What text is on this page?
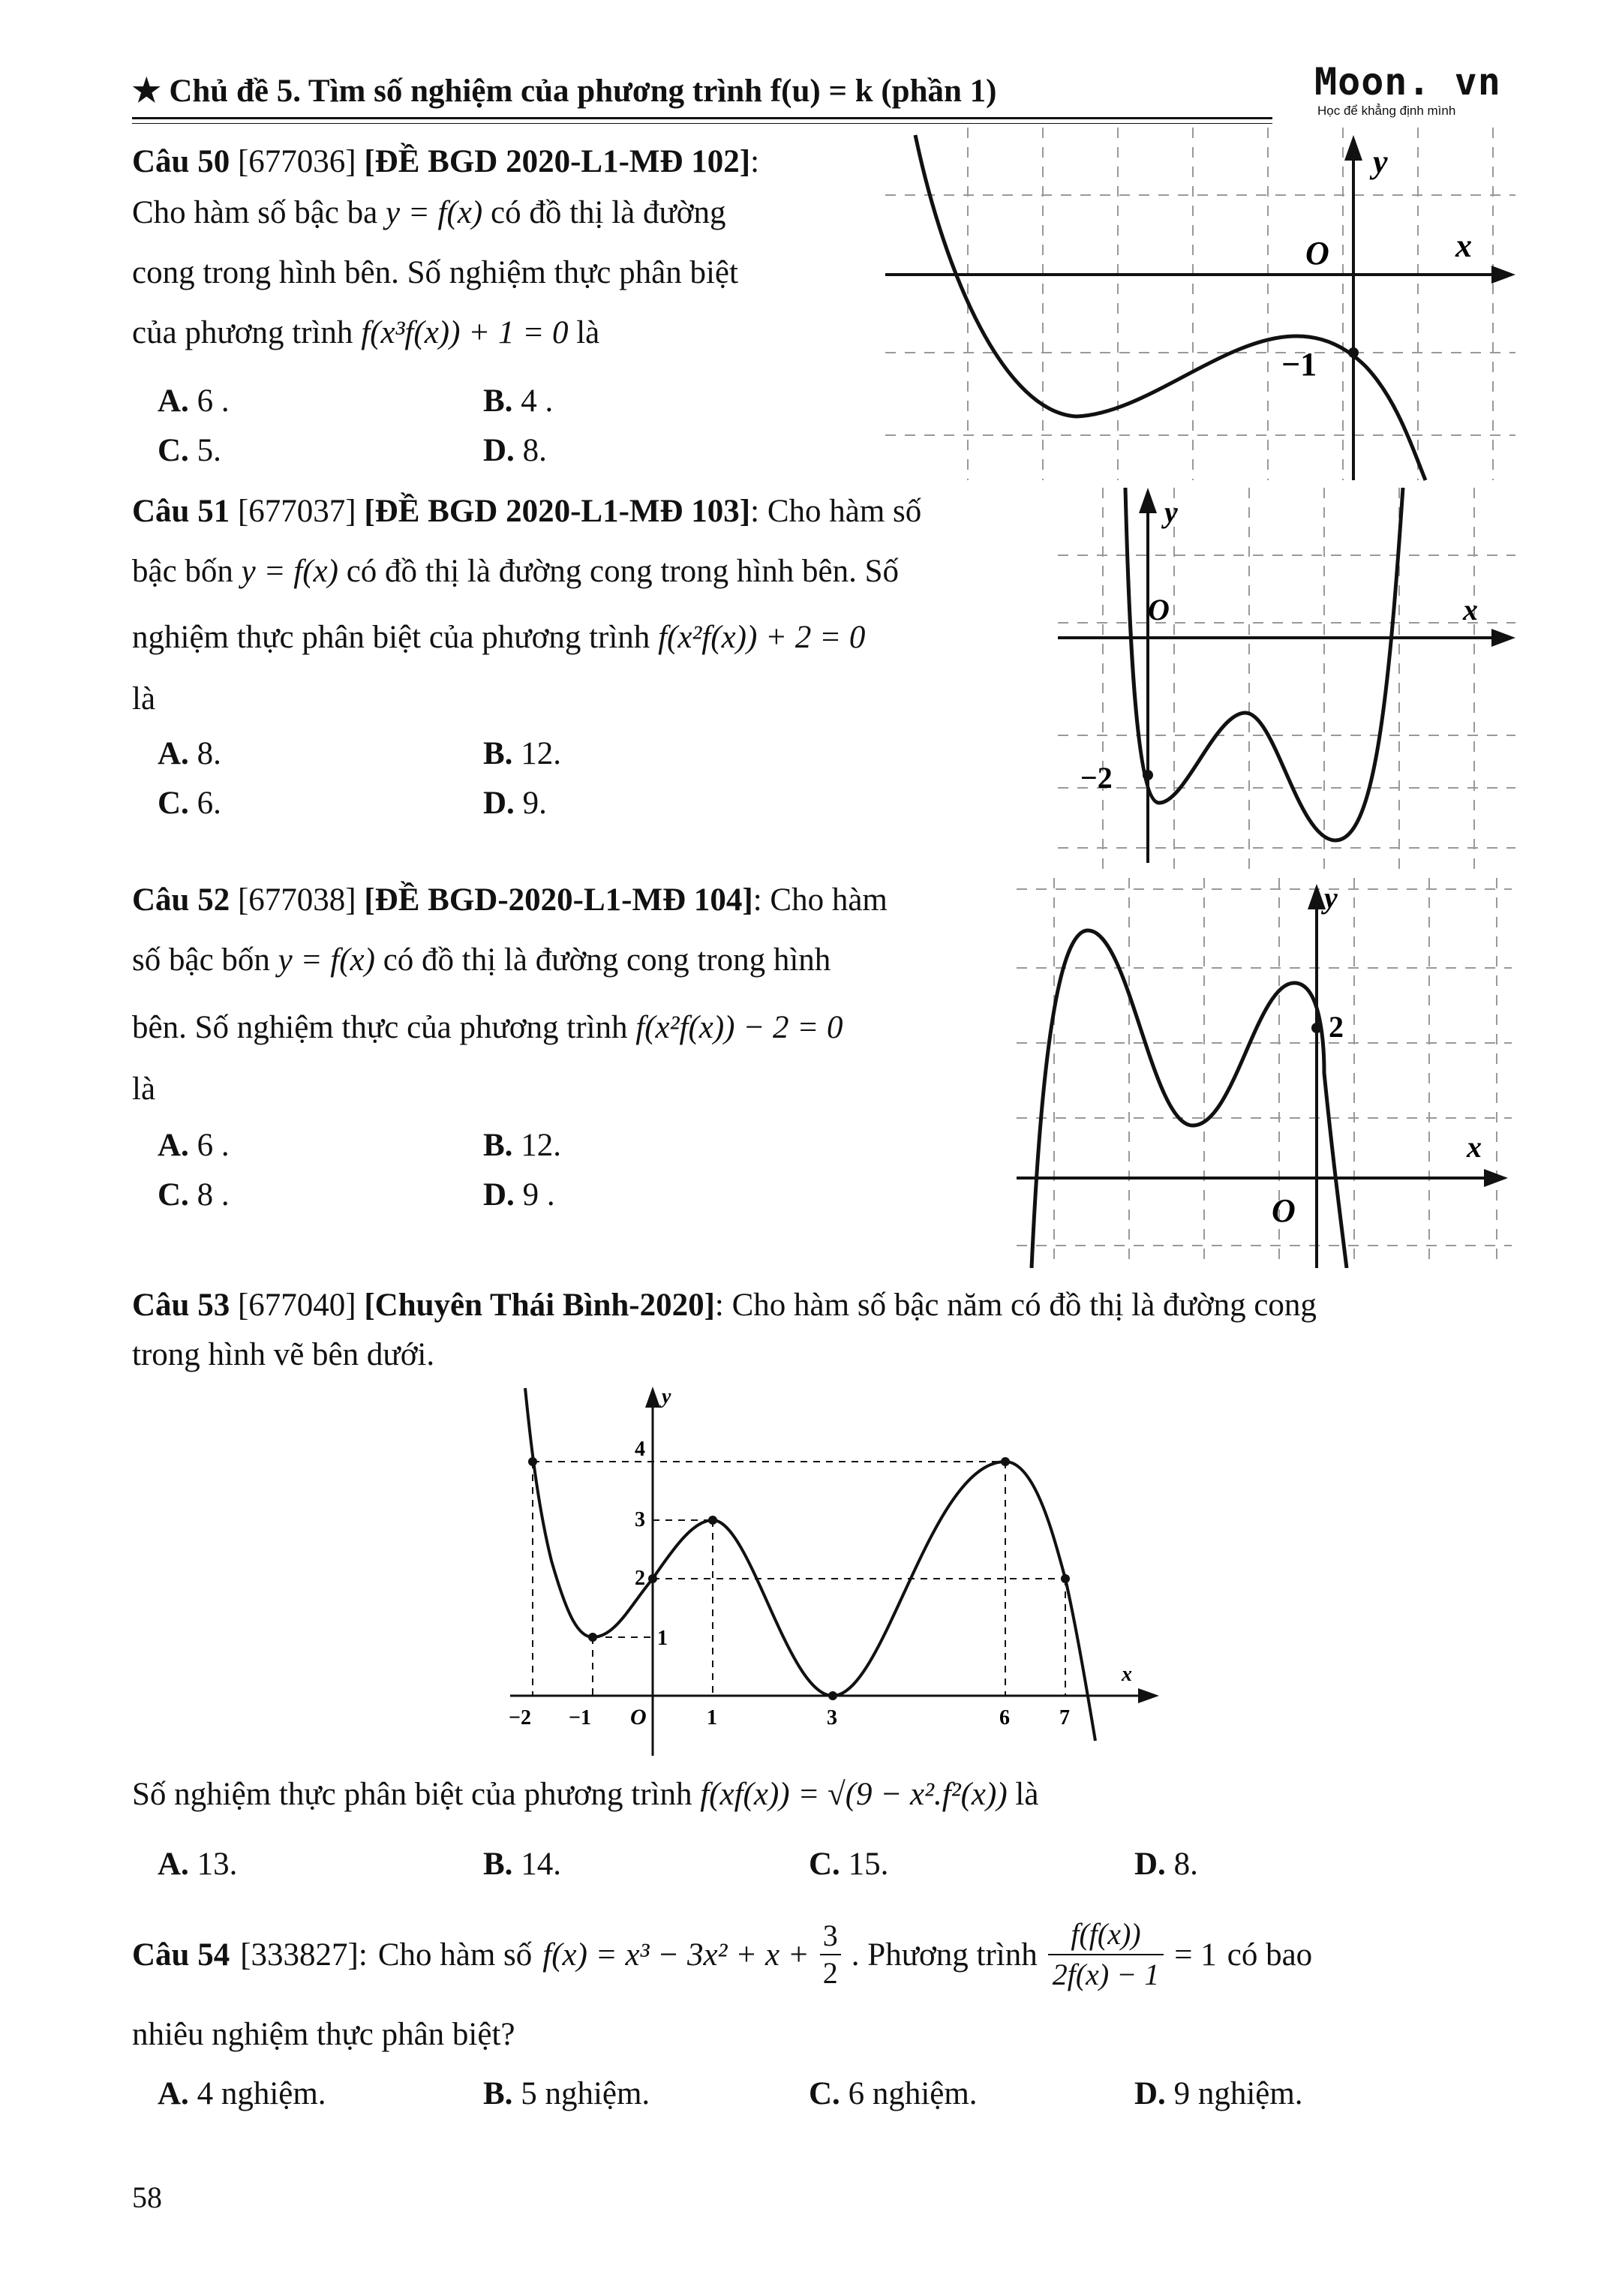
★ Chủ đề 5. Tìm số nghiệm của phương trình f(u) = k (phần 1)	Moon. vn
Học để khẳng định mình
Câu 50 [677036] [ĐỀ BGD 2020-L1-MĐ 102]:
Cho hàm số bậc ba y = f(x) có đồ thị là đường
cong trong hình bên. Số nghiệm thực phân biệt
của phương trình f(x³f(x)) + 1 = 0 là
A. 6 .	B. 4 .
C. 5.	D. 8.
y
x
O
−1
Câu 51 [677037] [ĐỀ BGD 2020-L1-MĐ 103]: Cho hàm số
bậc bốn y = f(x) có đồ thị là đường cong trong hình bên. Số
nghiệm thực phân biệt của phương trình f(x²f(x)) + 2 = 0
là
A. 8.	B. 12.
C. 6.	D. 9.
y
x
O
−2
Câu 52 [677038] [ĐỀ BGD-2020-L1-MĐ 104]: Cho hàm
số bậc bốn y = f(x) có đồ thị là đường cong trong hình
bên. Số nghiệm thực của phương trình f(x²f(x)) − 2 = 0
là
A. 6 .	B. 12.
C. 8 .	D. 9 .
y
x
O
2
Câu 53 [677040] [Chuyên Thái Bình-2020]: Cho hàm số bậc năm có đồ thị là đường cong
trong hình vẽ bên dưới.
y
x
O
−2 −1	1	3	6 7
1
2
3
4
Số nghiệm thực phân biệt của phương trình f(xf(x)) = √(9 − x².f²(x)) là
A. 13.	B. 14.	C. 15.	D. 8.
Câu 54 [333827]: Cho hàm số $f(x) = x^3 - 3x^2 + x + \frac{3}{2}$ . Phương trình $\frac{f(f(x))}{2f(x) - 1} = 1$ có bao
nhiêu nghiệm thực phân biệt?
A. 4 nghiệm.	B. 5 nghiệm.	C. 6 nghiệm.	D. 9 nghiệm.
58
